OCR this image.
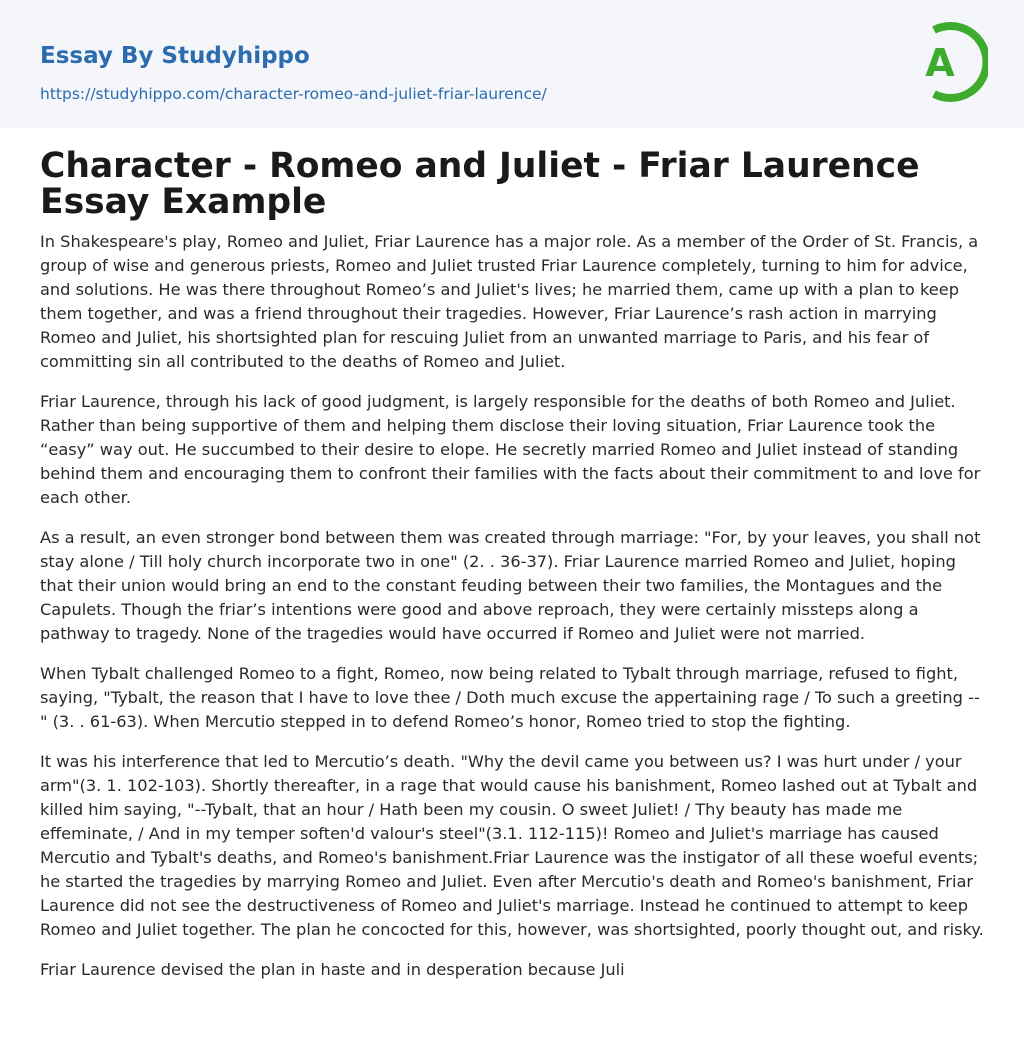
Essay By Studyhippo
https://studyhippo.com/character-romeo-and-juliet-friar-laurence/
A
Character - Romeo and Juliet - Friar Laurence
Essay Example

In Shakespeare's play, Romeo and Juliet, Friar Laurence has a major role. As a member of the Order of St. Francis, a group of wise and generous priests, Romeo and Juliet trusted Friar Laurence completely, turning to him for advice, and solutions. He was there throughout Romeo’s and Juliet's lives; he married them, came up with a plan to keep them together, and was a friend throughout their tragedies. However, Friar Laurence’s rash action in marrying Romeo and Juliet, his shortsighted plan for rescuing Juliet from an unwanted marriage to Paris, and his fear of committing sin all contributed to the deaths of Romeo and Juliet.

Friar Laurence, through his lack of good judgment, is largely responsible for the deaths of both Romeo and Juliet. Rather than being supportive of them and helping them disclose their loving situation, Friar Laurence took the “easy” way out. He succumbed to their desire to elope. He secretly married Romeo and Juliet instead of standing behind them and encouraging them to confront their families with the facts about their commitment to and love for each other.

As a result, an even stronger bond between them was created through marriage: "For, by your leaves, you shall not stay alone / Till holy church incorporate two in one" (2. . 36-37). Friar Laurence married Romeo and Juliet, hoping that their union would bring an end to the constant feuding between their two families, the Montagues and the Capulets. Though the friar’s intentions were good and above reproach, they were certainly missteps along a pathway to tragedy. None of the tragedies would have occurred if Romeo and Juliet were not married.

When Tybalt challenged Romeo to a fight, Romeo, now being related to Tybalt through marriage, refused to fight, saying, "Tybalt, the reason that I have to love thee / Doth much excuse the appertaining rage / To such a greeting --" (3. . 61-63). When Mercutio stepped in to defend Romeo’s honor, Romeo tried to stop the fighting.

It was his interference that led to Mercutio’s death. "Why the devil came you between us? I was hurt under / your arm"(3. 1. 102-103). Shortly thereafter, in a rage that would cause his banishment, Romeo lashed out at Tybalt and killed him saying, "--Tybalt, that an hour / Hath been my cousin. O sweet Juliet! / Thy beauty has made me effeminate, / And in my temper soften'd valour's steel"(3.1. 112-115)! Romeo and Juliet's marriage has caused Mercutio and Tybalt's deaths, and Romeo's banishment.Friar Laurence was the instigator of all these woeful events; he started the tragedies by marrying Romeo and Juliet. Even after Mercutio's death and Romeo's banishment, Friar Laurence did not see the destructiveness of Romeo and Juliet's marriage. Instead he continued to attempt to keep Romeo and Juliet together. The plan he concocted for this, however, was shortsighted, poorly thought out, and risky.

Friar Laurence devised the plan in haste and in desperation because Juli
